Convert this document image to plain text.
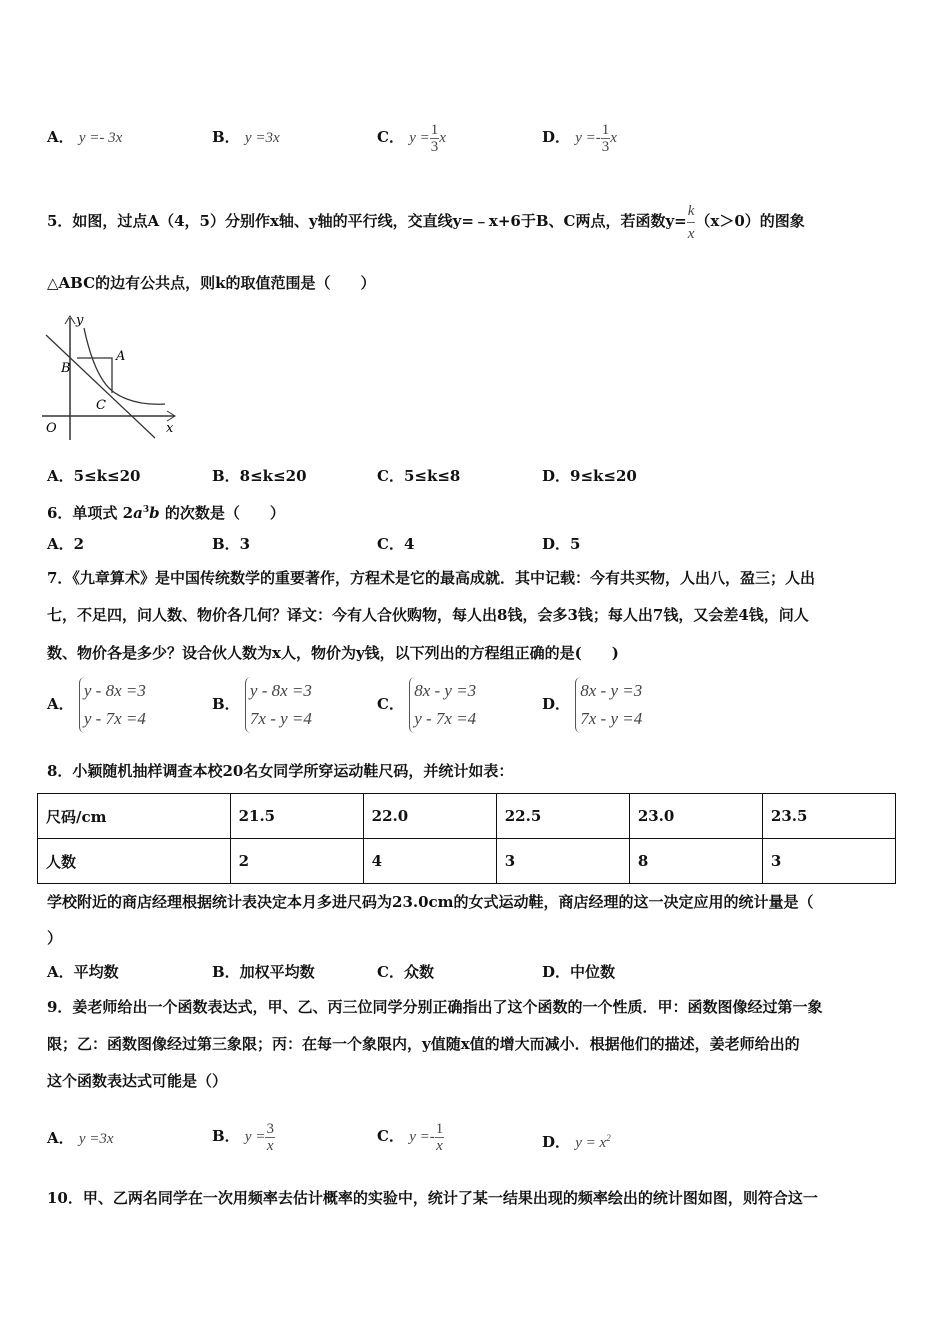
A． y =- 3x	B． y =3x	C． $y = \frac{1}{3}$ x	D． $y =- \frac{1}{3}$ x
5．如图，过点A（4，5）分别作x轴、y轴的平行线，交直线y=﹣x+6于B、C两点，若函数$y= \frac{k}{x} (x>0)$的图象
△ABC的边有公共点，则k的取值范围是（　　）
y
x
O
A
B
C
A．5≤k≤20	B．8≤k≤20	C．5≤k≤8	D．9≤k≤20
6．单项式 $2a^3b$ 的次数是（　　）
A．2	B．3	C．4	D．5
7．《九章算术》是中国传统数学的重要著作，方程术是它的最高成就．其中记载：今有共买物，人出八，盈三；人出
七，不足四，问人数、物价各几何？译文：今有人合伙购物，每人出8钱，会多3钱；每人出7钱，又会差4钱，问人
数、物价各是多少？设合伙人数为x人，物价为y钱，以下列出的方程组正确的是(　　)
A．
y - 8x =3
y - 7x =4
B．
y - 8x =3
7x - y =4
C．
8x - y =3
y - 7x =4
D．
8x - y =3
7x - y =4
8．小颖随机抽样调查本校20名女同学所穿运动鞋尺码，并统计如表：
尺码/cm	21.5	22.0	22.5	23.0	23.5
人数	2	4	3	8	3
学校附近的商店经理根据统计表决定本月多进尺码为23.0cm的女式运动鞋，商店经理的这一决定应用的统计量是（
）
A．平均数	B．加权平均数	C．众数	D．中位数
9．姜老师给出一个函数表达式，甲、乙、丙三位同学分别正确指出了这个函数的一个性质．甲：函数图像经过第一象
限；乙：函数图像经过第三象限；丙：在每一个象限内，y值随x值的增大而减小．根据他们的描述，姜老师给出的
这个函数表达式可能是（）
A． y =3x	B． $y = \frac{3}{x}$	C． $y =- \frac{1}{x}$	D． $y = x^2$
10．甲、乙两名同学在一次用频率去估计概率的实验中，统计了某一结果出现的频率绘出的统计图如图，则符合这一
